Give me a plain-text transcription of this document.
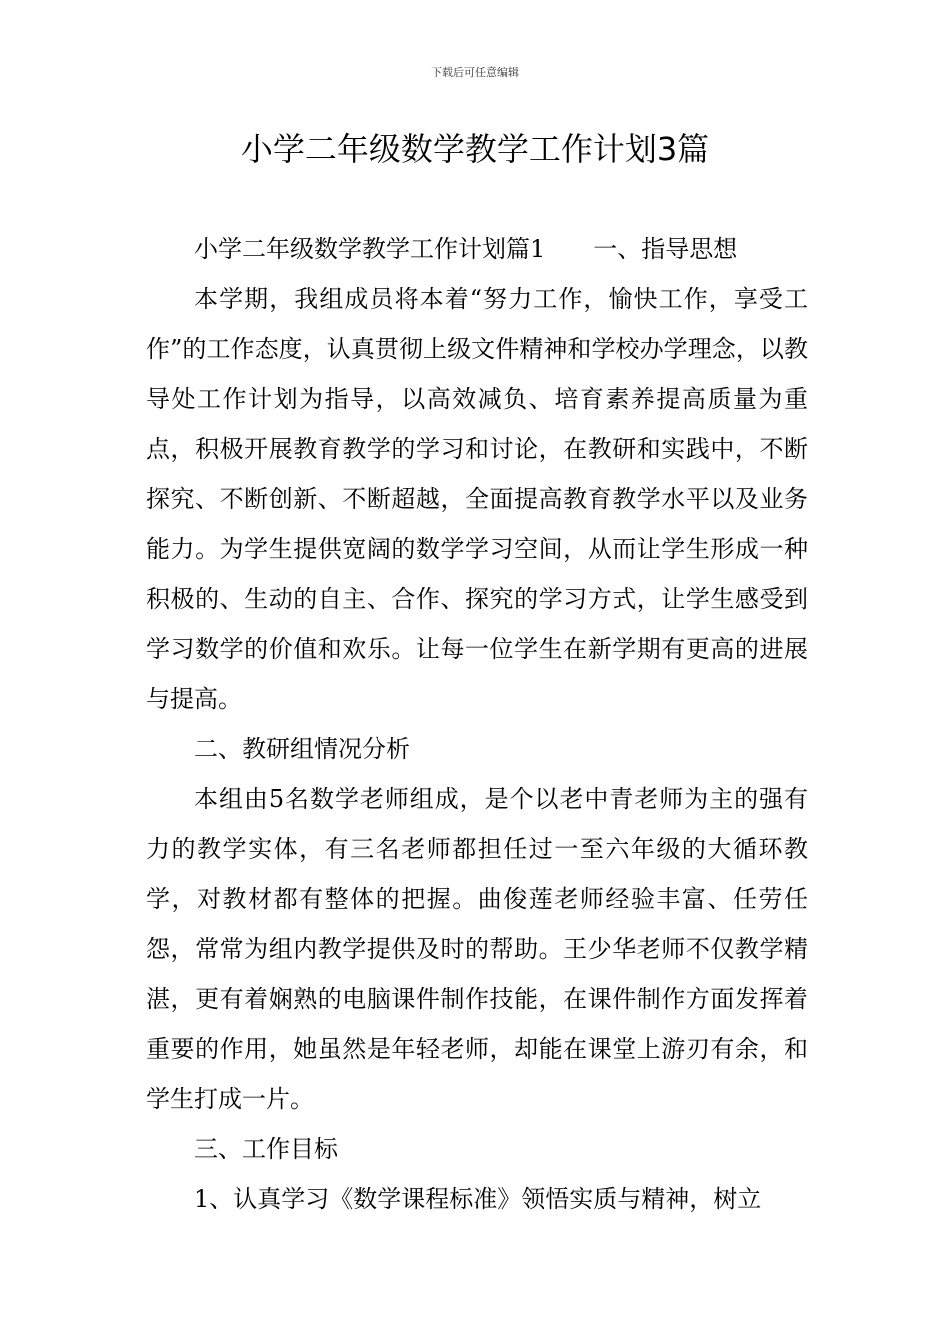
下载后可任意编辑
小学二年级数学教学工作计划3篇

小学二年级数学教学工作计划篇1　　一、指导思想

本学期，我组成员将本着“努力工作，愉快工作，享受工作”的工作态度，认真贯彻上级文件精神和学校办学理念，以教导处工作计划为指导，以高效减负、培育素养提高质量为重点，积极开展教育教学的学习和讨论，在教研和实践中，不断探究、不断创新、不断超越，全面提高教育教学水平以及业务能力。为学生提供宽阔的数学学习空间，从而让学生形成一种积极的、生动的自主、合作、探究的学习方式，让学生感受到学习数学的价值和欢乐。让每一位学生在新学期有更高的进展与提高。

二、教研组情况分析

本组由5名数学老师组成，是个以老中青老师为主的强有力的教学实体，有三名老师都担任过一至六年级的大循环教学，对教材都有整体的把握。曲俊莲老师经验丰富、任劳任怨，常常为组内教学提供及时的帮助。王少华老师不仅教学精湛，更有着娴熟的电脑课件制作技能，在课件制作方面发挥着重要的作用，她虽然是年轻老师，却能在课堂上游刃有余，和学生打成一片。

三、工作目标

1、认真学习《数学课程标准》领悟实质与精神，树立
